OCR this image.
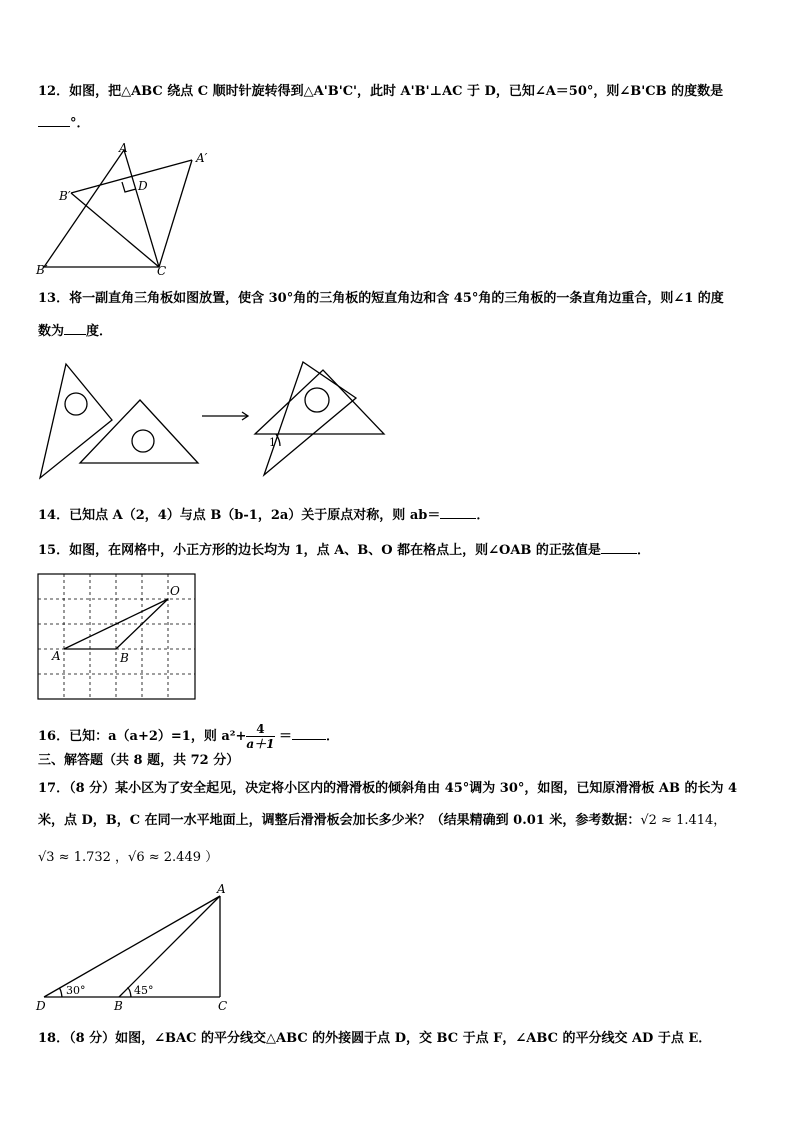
12．如图，把△ABC 绕点 C 顺时针旋转得到△A'B'C'，此时 A'B'⊥AC 于 D，已知∠A＝50°，则∠B'CB 的度数是
°．
A
A′
B′
D
B′	C
13．将一副直角三角板如图放置，使含 30°角的三角板的短直角边和含 45°角的三角板的一条直角边重合，则∠1 的度
数为 度．
1
14．已知点 A（2，4）与点 B（b-1，2a）关于原点对称，则 ab＝	．
15．如图，在网格中，小正方形的边长均为 1，点 A、B、O 都在格点上，则∠OAB 的正弦值是	．
O
A	B
16．已知：a（a+2）=1，则 $a^2+ \frac{4}{a+1}$ ＝	．
三、解答题（共 8 题，共 72 分）
17．（8 分）某小区为了安全起见，决定将小区内的滑滑板的倾斜角由 45°调为 30°，如图，已知原滑滑板 AB 的长为 4
米，点 D，B，C 在同一水平地面上，调整后滑滑板会加长多少米？（结果精确到 0.01 米，参考数据：√2 ≈ 1.414，
√3 ≈ 1.732 ，√6 ≈ 2.449 ）
A
D	B	C
30°	45°
18．（8 分）如图，∠BAC 的平分线交△ABC 的外接圆于点 D，交 BC 于点 F，∠ABC 的平分线交 AD 于点 E．
